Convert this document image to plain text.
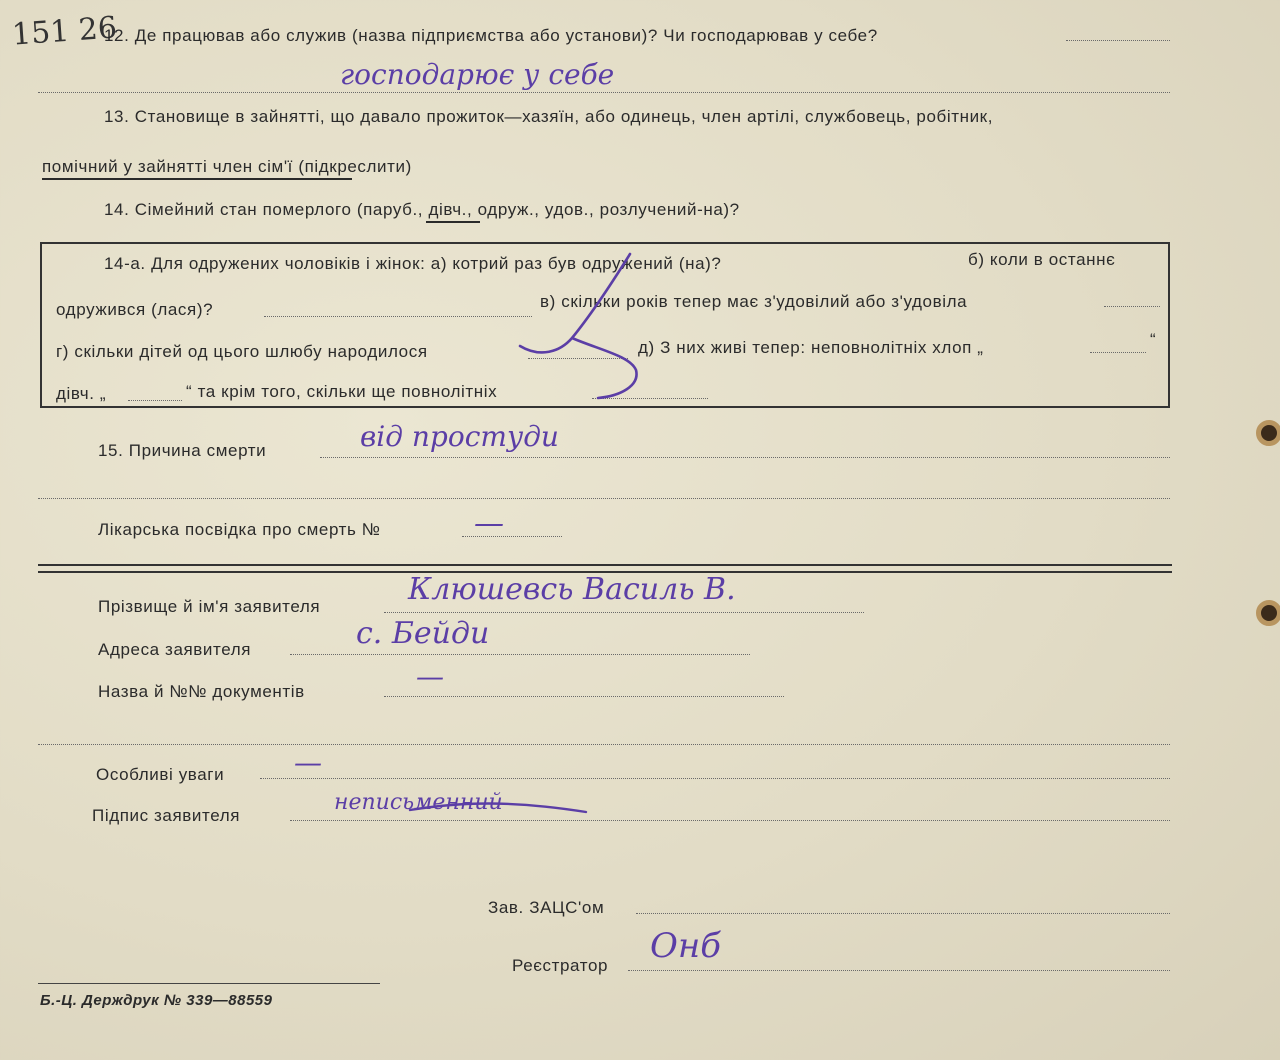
151 26
12. Де працював або служив (назва підприємства або установи)? Чи господарював у себе?
господарює у себе
13. Становище в зайнятті, що давало прожиток—хазяїн, або одинець, член артілі, службовець, робітник,
помічний у зайнятті член сім'ї (підкреслити)
14. Сімейний стан померлого (паруб., дівч., одруж., удов., розлучений-на)?
14-а. Для одружених чоловіків і жінок: а) котрий раз був одружений (на)?	б) коли в останнє
одружився (лася)?	в) скільки років тепер має з'удовілий або з'удовіла
г) скільки дітей од цього шлюбу народилося	д) З них живі тепер: неповнолітніх хлоп „	“
дівч. „	“ та крім того, скільки ще повнолітніх
15. Причина смерти	від простуди
Лікарська посвідка про смерть №	—
Прізвище й ім'я заявителя	Клюшевсь Василь В.
Адреса заявителя	с. Бейди
Назва й №№ документів	—
Особливі уваги —
Підпис заявителя
неписьменний
Зав. ЗАЦС'ом
Реєстратор Онб
Б.-Ц. Держдрук № 339—88559
